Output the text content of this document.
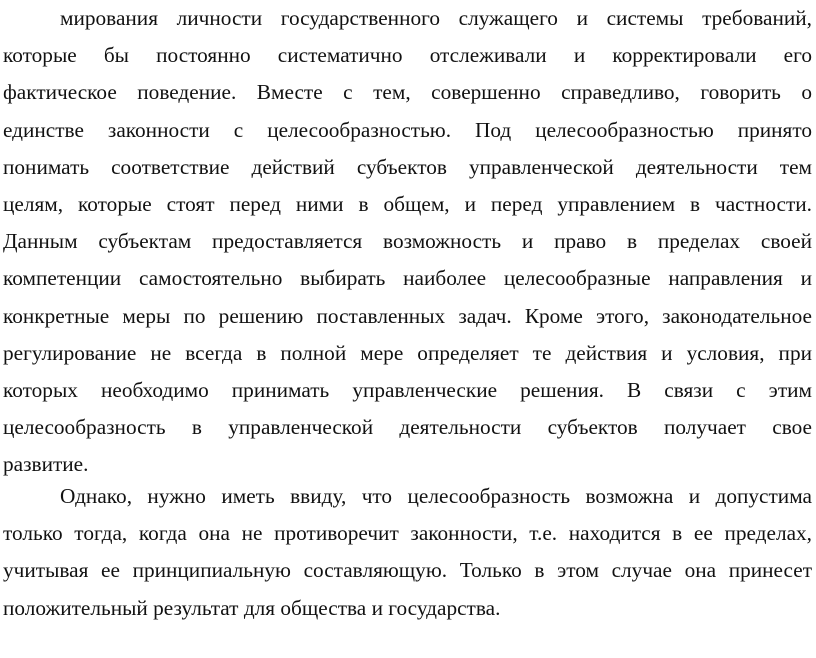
мирования личности государственного служащего и системы требований,
которые бы постоянно систематично отслеживали и корректировали его
фактическое поведение. Вместе с тем, совершенно справедливо, говорить о
единстве законности с целесообразностью. Под целесообразностью принято
понимать соответствие действий субъектов управленческой деятельности тем
целям, которые стоят перед ними в общем, и перед управлением в частности.
Данным субъектам предоставляется возможность и право в пределах своей
компетенции самостоятельно выбирать наиболее целесообразные направления и
конкретные меры по решению поставленных задач. Кроме этого, законодательное
регулирование не всегда в полной мере определяет те действия и условия, при
которых необходимо принимать управленческие решения. В связи с этим
целесообразность в управленческой деятельности субъектов получает свое
развитие.
Однако, нужно иметь ввиду, что целесообразность возможна и допустима
только тогда, когда она не противоречит законности, т.е. находится в ее пределах,
учитывая ее принципиальную составляющую. Только в этом случае она принесет
положительный результат для общества и государства.
